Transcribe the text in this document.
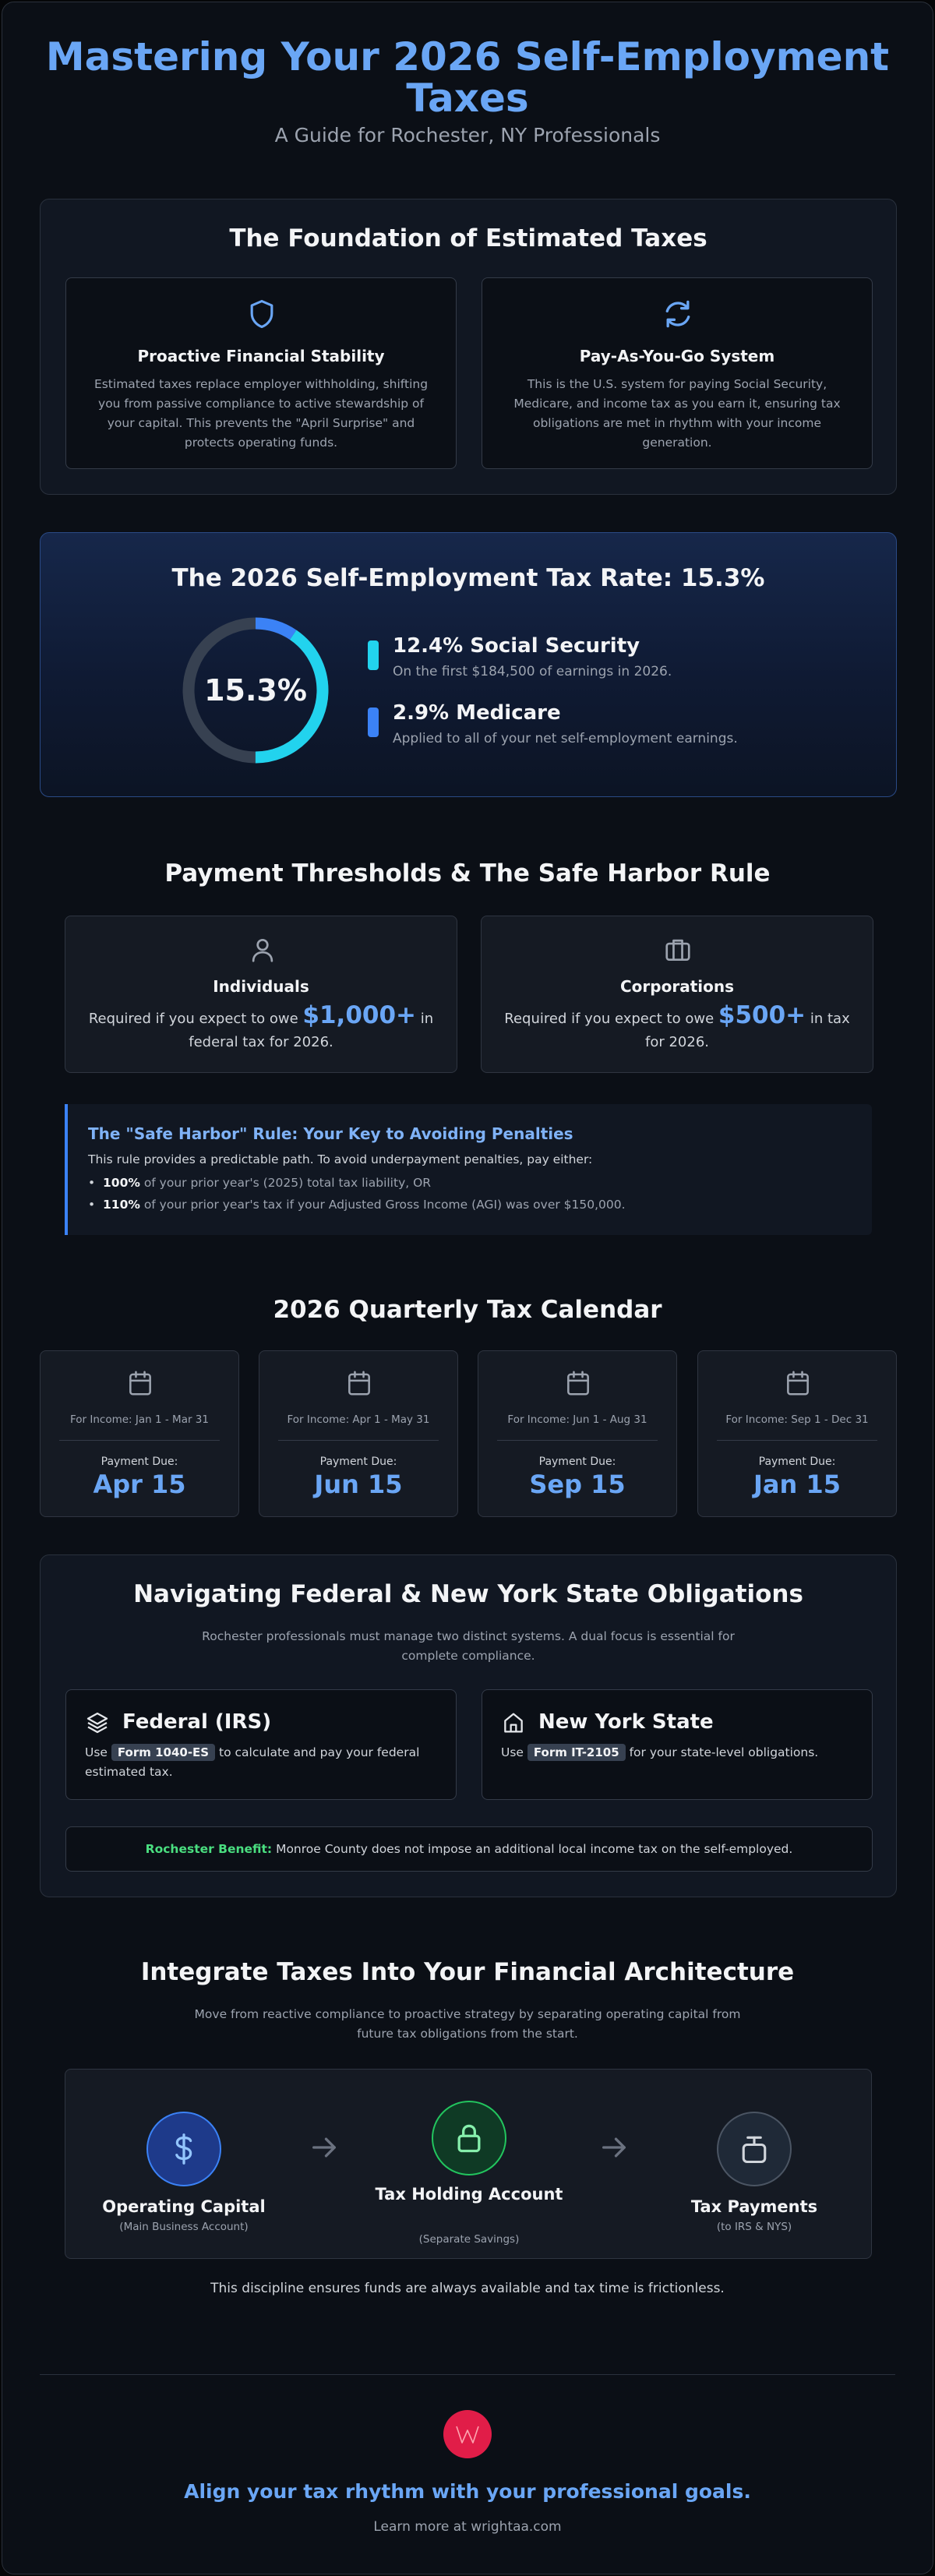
Mastering Your 2026 Self-Employment Taxes
A Guide for Rochester, NY Professionals
The Foundation of Estimated Taxes
Proactive Financial Stability
Estimated taxes replace employer withholding, shifting you from passive compliance to active stewardship of your capital. This prevents the "April Surprise" and protects operating funds.
Pay-As-You-Go System
This is the U.S. system for paying Social Security, Medicare, and income tax as you earn it, ensuring tax obligations are met in rhythm with your income generation.
The 2026 Self-Employment Tax Rate: 15.3%
15.3%
12.4% Social Security
On the first $184,500 of earnings in 2026.
2.9% Medicare
Applied to all of your net self-employment earnings.
Payment Thresholds & The Safe Harbor Rule
Individuals
Required if you expect to owe $1,000+ in federal tax for 2026.
Corporations
Required if you expect to owe $500+ in tax for 2026.
The "Safe Harbor" Rule: Your Key to Avoiding Penalties
This rule provides a predictable path. To avoid underpayment penalties, pay either:
•  100% of your prior year's (2025) total tax liability, OR
•  110% of your prior year's tax if your Adjusted Gross Income (AGI) was over $150,000.
2026 Quarterly Tax Calendar
For Income: Jan 1 - Mar 31
Payment Due:
Apr 15
For Income: Apr 1 - May 31
Payment Due:
Jun 15
For Income: Jun 1 - Aug 31
Payment Due:
Sep 15
For Income: Sep 1 - Dec 31
Payment Due:
Jan 15
Navigating Federal & New York State Obligations
Rochester professionals must manage two distinct systems. A dual focus is essential for complete compliance.
Federal (IRS)
Use Form 1040-ES to calculate and pay your federal estimated tax.
New York State
Use Form IT-2105 for your state-level obligations.
Rochester Benefit: Monroe County does not impose an additional local income tax on the self-employed.
Integrate Taxes Into Your Financial Architecture
Move from reactive compliance to proactive strategy by separating operating capital from future tax obligations from the start.
Operating Capital
(Main Business Account)
Tax Holding Account
(Separate Savings)
Tax Payments
(to IRS & NYS)
This discipline ensures funds are always available and tax time is frictionless.
Align your tax rhythm with your professional goals.
Learn more at wrightaa.com
